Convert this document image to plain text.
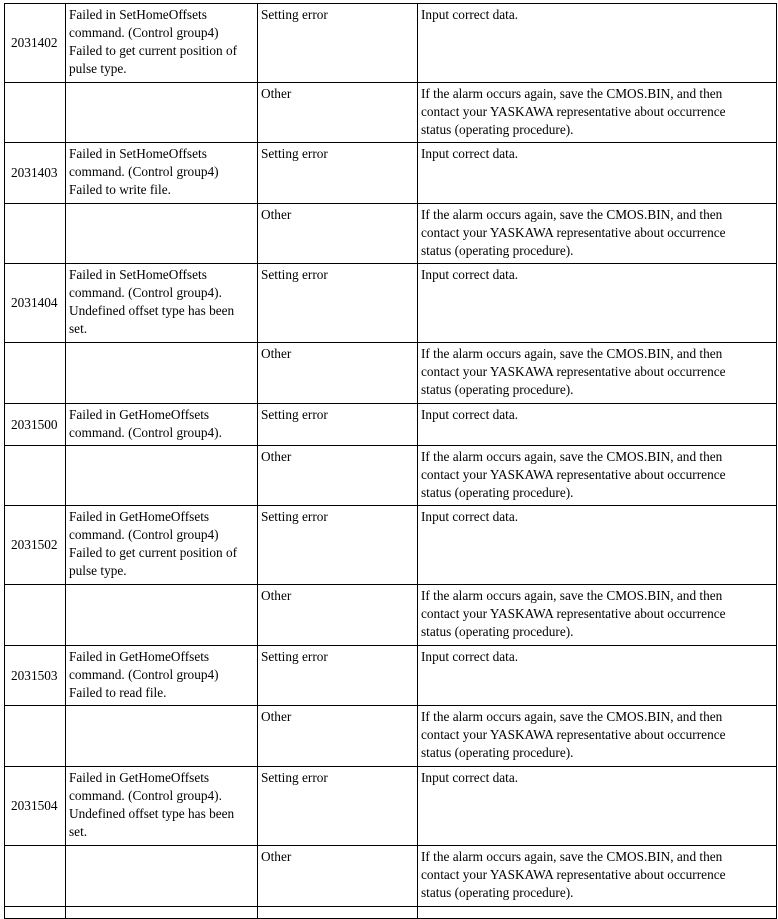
2031402	Failed in SetHomeOffsets
command. (Control group4)
Failed to get current position of
pulse type.	Setting error	Input correct data.

		Other	If the alarm occurs again, save the CMOS.BIN, and then
contact your YASKAWA representative about occurrence
status (operating procedure).

2031403	Failed in SetHomeOffsets
command. (Control group4)
Failed to write file.	Setting error	Input correct data.

		Other	If the alarm occurs again, save the CMOS.BIN, and then
contact your YASKAWA representative about occurrence
status (operating procedure).

2031404	Failed in SetHomeOffsets
command. (Control group4).
Undefined offset type has been
set.	Setting error	Input correct data.

		Other	If the alarm occurs again, save the CMOS.BIN, and then
contact your YASKAWA representative about occurrence
status (operating procedure).

2031500	Failed in GetHomeOffsets
command. (Control group4).	Setting error	Input correct data.

		Other	If the alarm occurs again, save the CMOS.BIN, and then
contact your YASKAWA representative about occurrence
status (operating procedure).

2031502	Failed in GetHomeOffsets
command. (Control group4)
Failed to get current position of
pulse type.	Setting error	Input correct data.

		Other	If the alarm occurs again, save the CMOS.BIN, and then
contact your YASKAWA representative about occurrence
status (operating procedure).

2031503	Failed in GetHomeOffsets
command. (Control group4)
Failed to read file.	Setting error	Input correct data.

		Other	If the alarm occurs again, save the CMOS.BIN, and then
contact your YASKAWA representative about occurrence
status (operating procedure).

2031504	Failed in GetHomeOffsets
command. (Control group4).
Undefined offset type has been
set.	Setting error	Input correct data.

		Other	If the alarm occurs again, save the CMOS.BIN, and then
contact your YASKAWA representative about occurrence
status (operating procedure).
